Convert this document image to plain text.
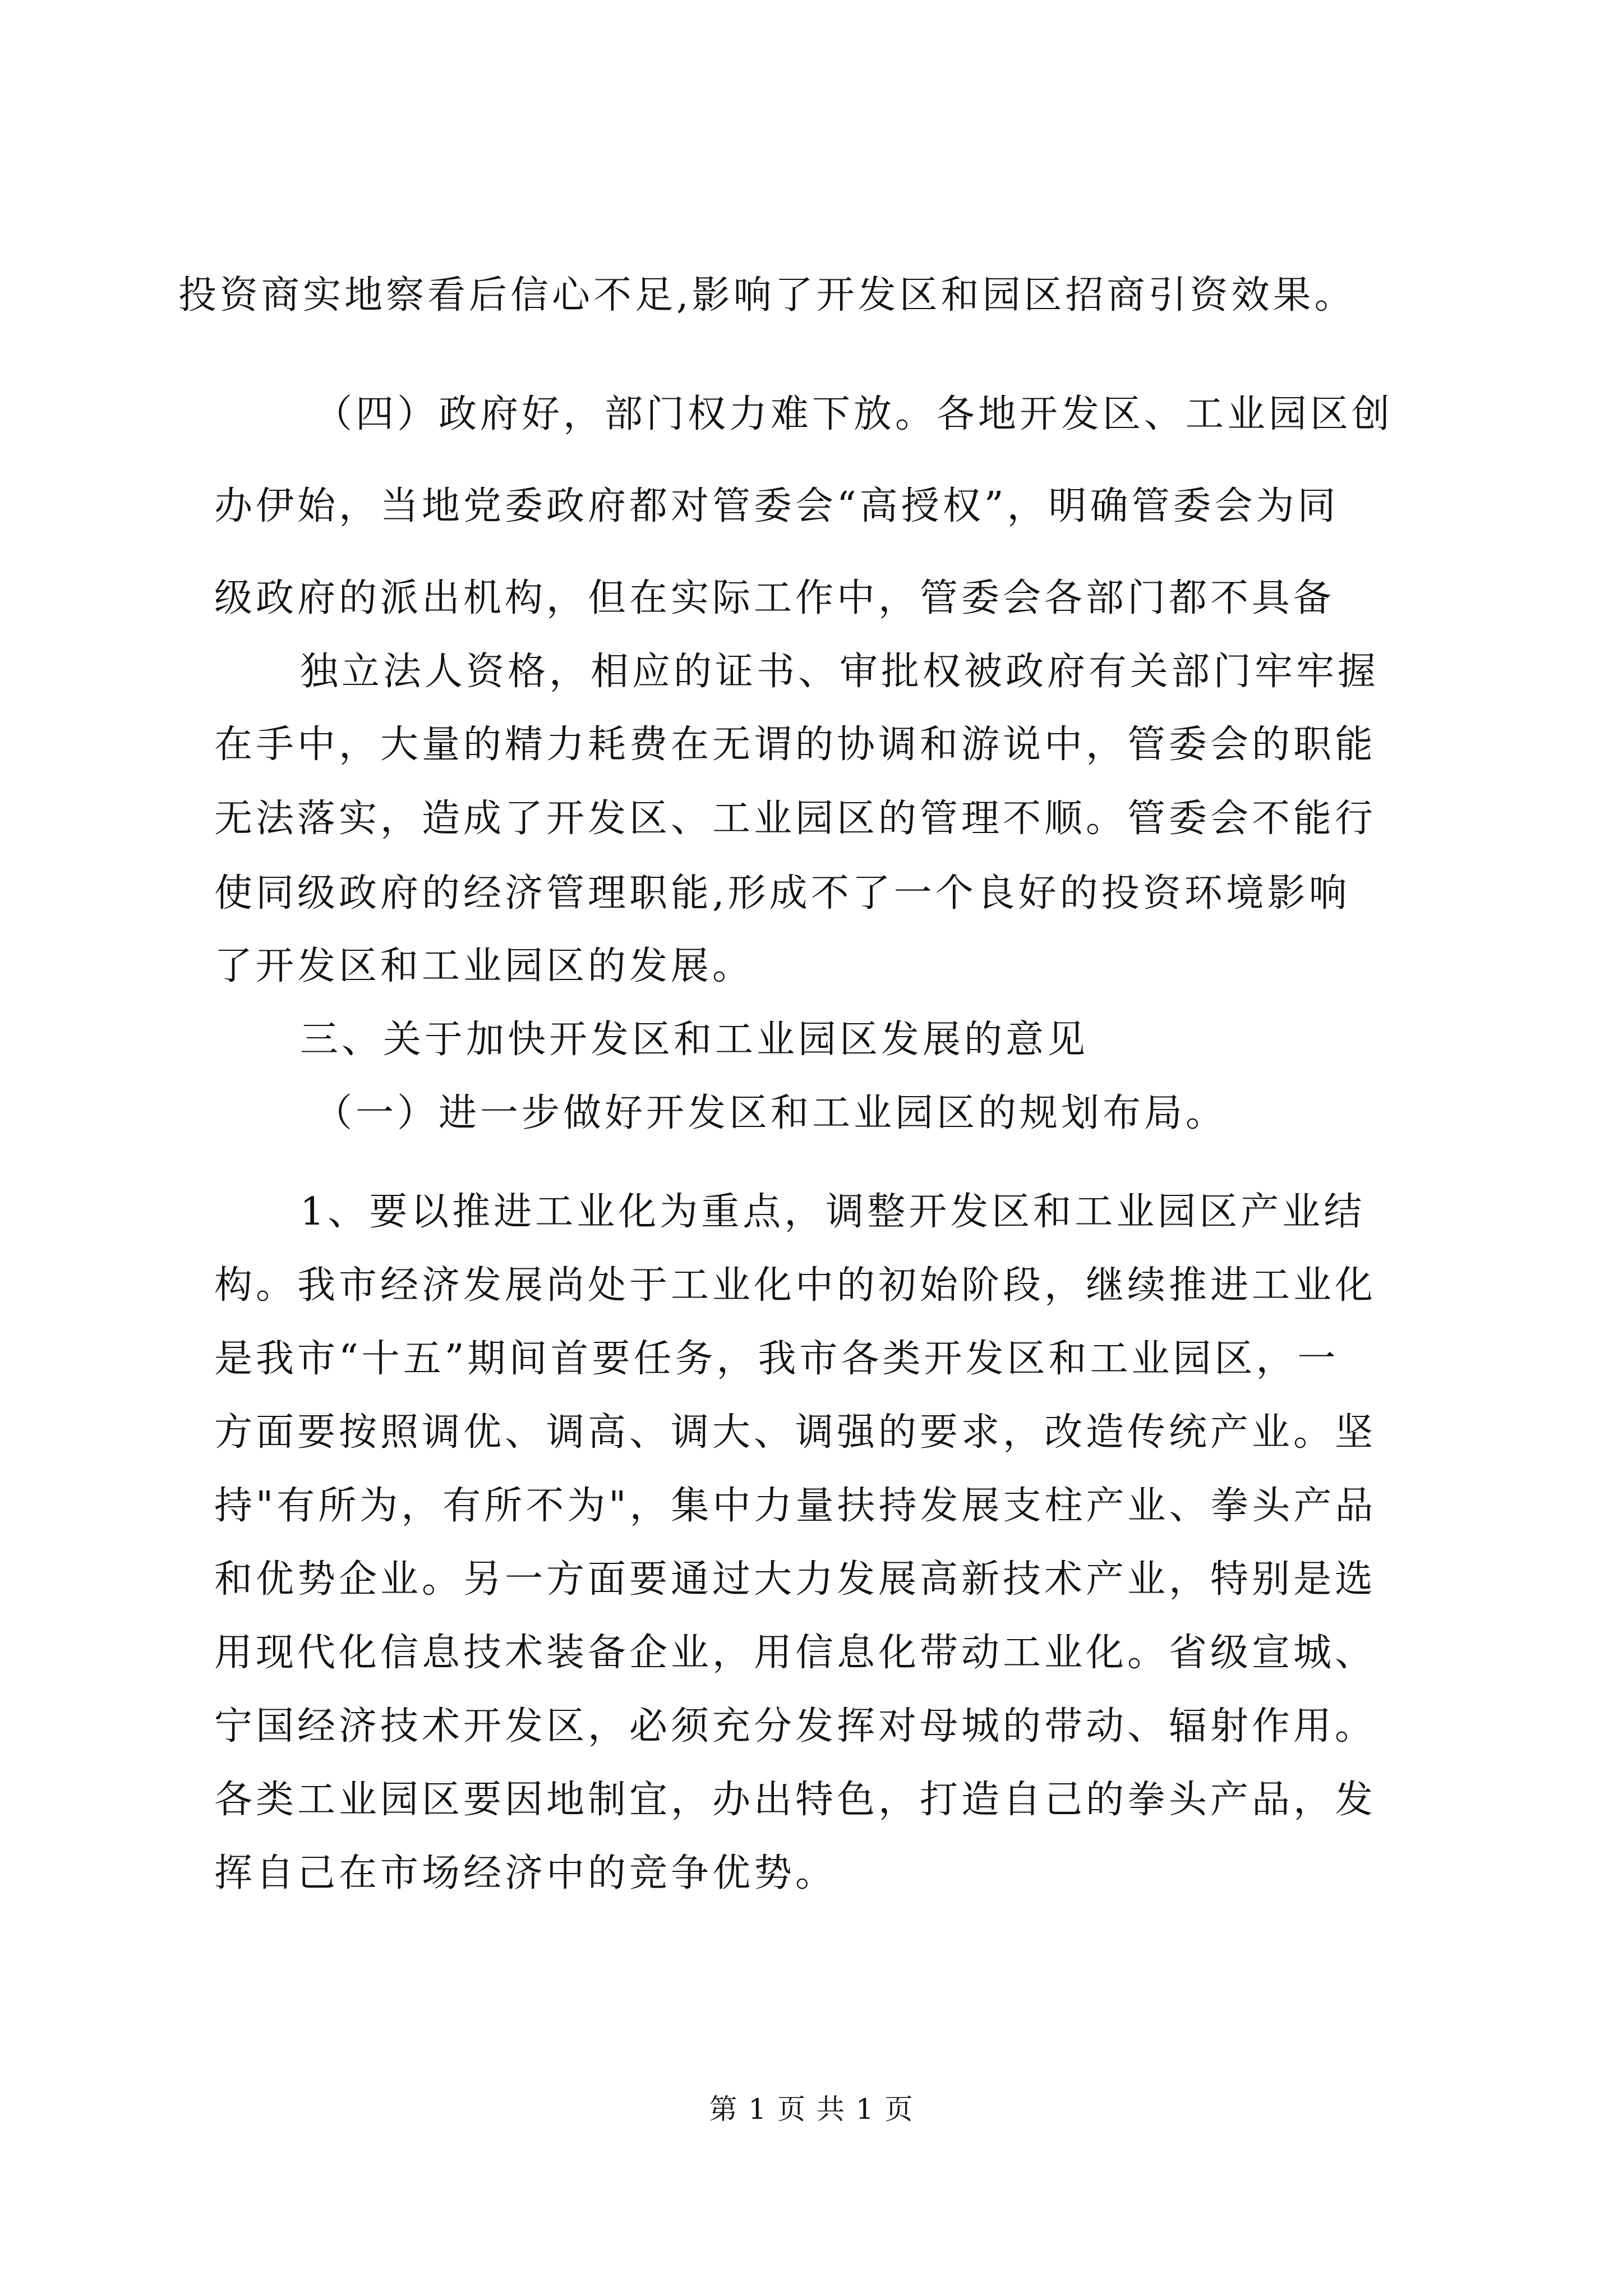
投资商实地察看后信心不足,影响了开发区和园区招商引资效果。
（四）政府好，部门权力难下放。各地开发区、工业园区创
办伊始，当地党委政府都对管委会“高授权”，明确管委会为同
级政府的派出机构，但在实际工作中，管委会各部门都不具备
独立法人资格，相应的证书、审批权被政府有关部门牢牢握
在手中，大量的精力耗费在无谓的协调和游说中，管委会的职能
无法落实，造成了开发区、工业园区的管理不顺。管委会不能行
使同级政府的经济管理职能,形成不了一个良好的投资环境影响
了开发区和工业园区的发展。
三、关于加快开发区和工业园区发展的意见
（一）进一步做好开发区和工业园区的规划布局。
1、要以推进工业化为重点，调整开发区和工业园区产业结
构。我市经济发展尚处于工业化中的初始阶段，继续推进工业化
是我市“十五”期间首要任务，我市各类开发区和工业园区，一
方面要按照调优、调高、调大、调强的要求，改造传统产业。坚
持"有所为，有所不为"，集中力量扶持发展支柱产业、拳头产品
和优势企业。另一方面要通过大力发展高新技术产业，特别是选
用现代化信息技术装备企业，用信息化带动工业化。省级宣城、
宁国经济技术开发区，必须充分发挥对母城的带动、辐射作用。
各类工业园区要因地制宜，办出特色，打造自己的拳头产品，发
挥自己在市场经济中的竞争优势。
第 1 页 共 1 页
